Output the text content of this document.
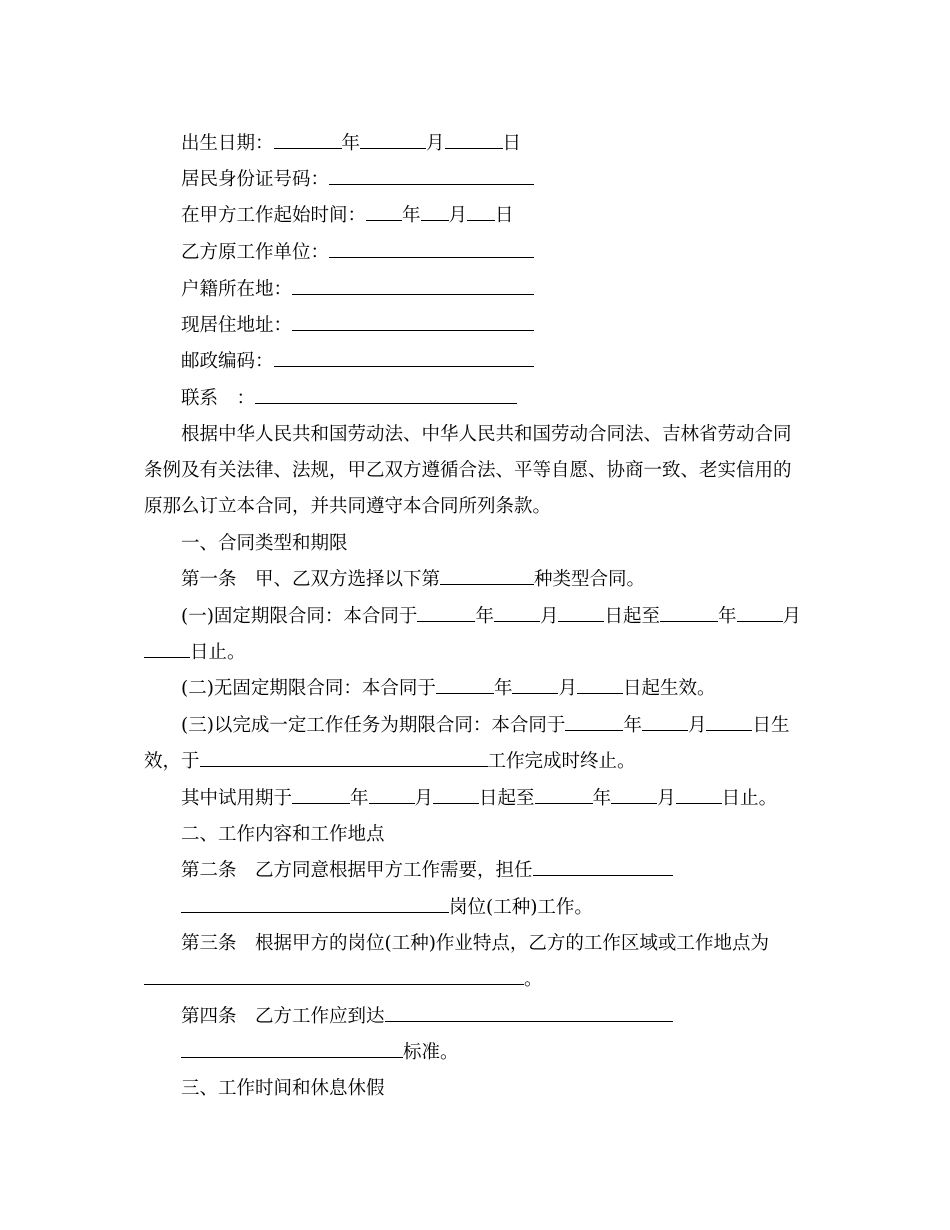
出生日期：	年	月	日
居民身份证号码：
在甲方工作起始时间： 年 月 日
乙方原工作单位：
户籍所在地：
现居住地址：
邮政编码：
联系　：
根据中华人民共和国劳动法、中华人民共和国劳动合同法、吉林省劳动合同
条例及有关法律、法规，甲乙双方遵循合法、平等自愿、协商一致、老实信用的
原那么订立本合同，并共同遵守本合同所列条款。
一、合同类型和期限
第一条　甲、乙双方选择以下第	种类型合同。
(一)固定期限合同：本合同于	年 月 日起至	年 月
日止。
(二)无固定期限合同：本合同于	年 月 日起生效。
(三)以完成一定工作任务为期限合同：本合同于	年 月 日生
效，于	工作完成时终止。
其中试用期于	年 月 日起至	年 月 日止。
二、工作内容和工作地点
第二条　乙方同意根据甲方工作需要，担任
岗位(工种)工作。
第三条　根据甲方的岗位(工种)作业特点，乙方的工作区域或工作地点为
。
第四条　乙方工作应到达
标准。
三、工作时间和休息休假
